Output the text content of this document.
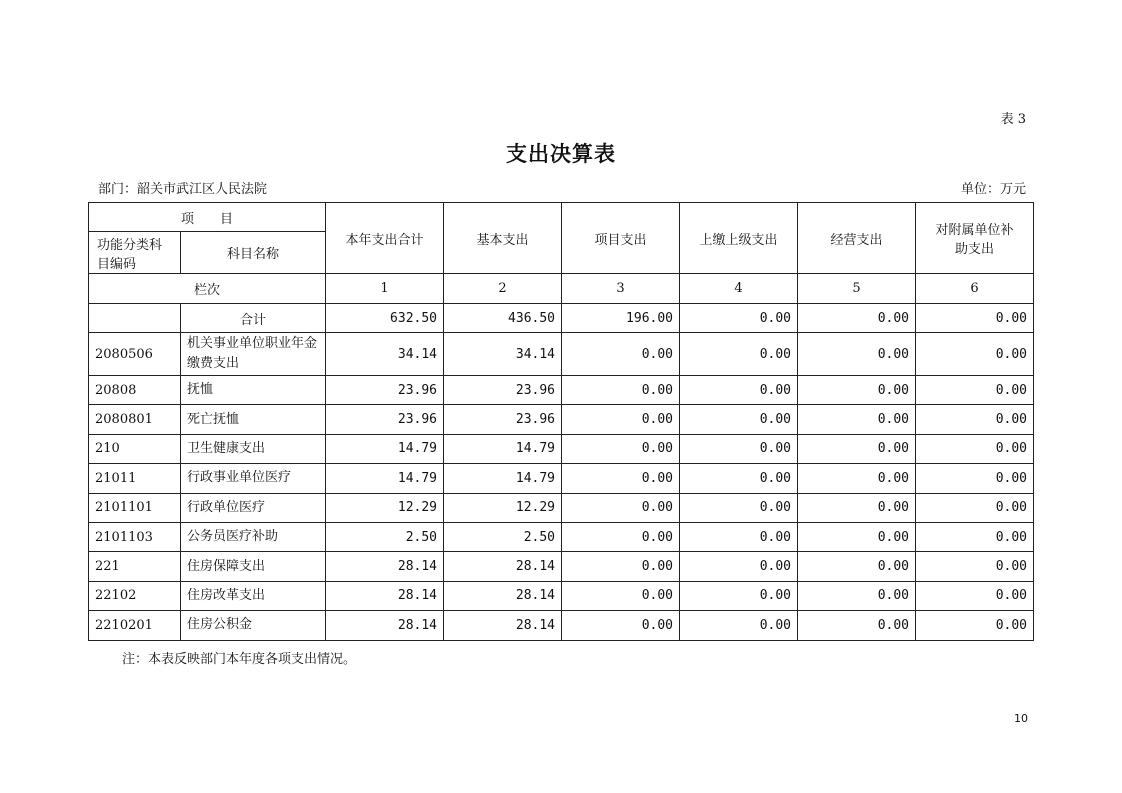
表 3
支出决算表
部门：韶关市武江区人民法院	单位：万元
项　　目		本年支出合计	基本支出	项目支出	上缴上级支出	经营支出	对附属单位补助支出
功能分类科目编码	科目名称						
栏次		1	2	3	4	5	6
	合计	632.50	436.50	196.00	0.00	0.00	0.00
2080506	机关事业单位职业年金缴费支出	34.14	34.14	0.00	0.00	0.00	0.00
20808	抚恤	23.96	23.96	0.00	0.00	0.00	0.00
2080801	死亡抚恤	23.96	23.96	0.00	0.00	0.00	0.00
210	卫生健康支出	14.79	14.79	0.00	0.00	0.00	0.00
21011	行政事业单位医疗	14.79	14.79	0.00	0.00	0.00	0.00
2101101	行政单位医疗	12.29	12.29	0.00	0.00	0.00	0.00
2101103	公务员医疗补助	2.50	2.50	0.00	0.00	0.00	0.00
221	住房保障支出	28.14	28.14	0.00	0.00	0.00	0.00
22102	住房改革支出	28.14	28.14	0.00	0.00	0.00	0.00
2210201	住房公积金	28.14	28.14	0.00	0.00	0.00	0.00
注：本表反映部门本年度各项支出情况。
10
